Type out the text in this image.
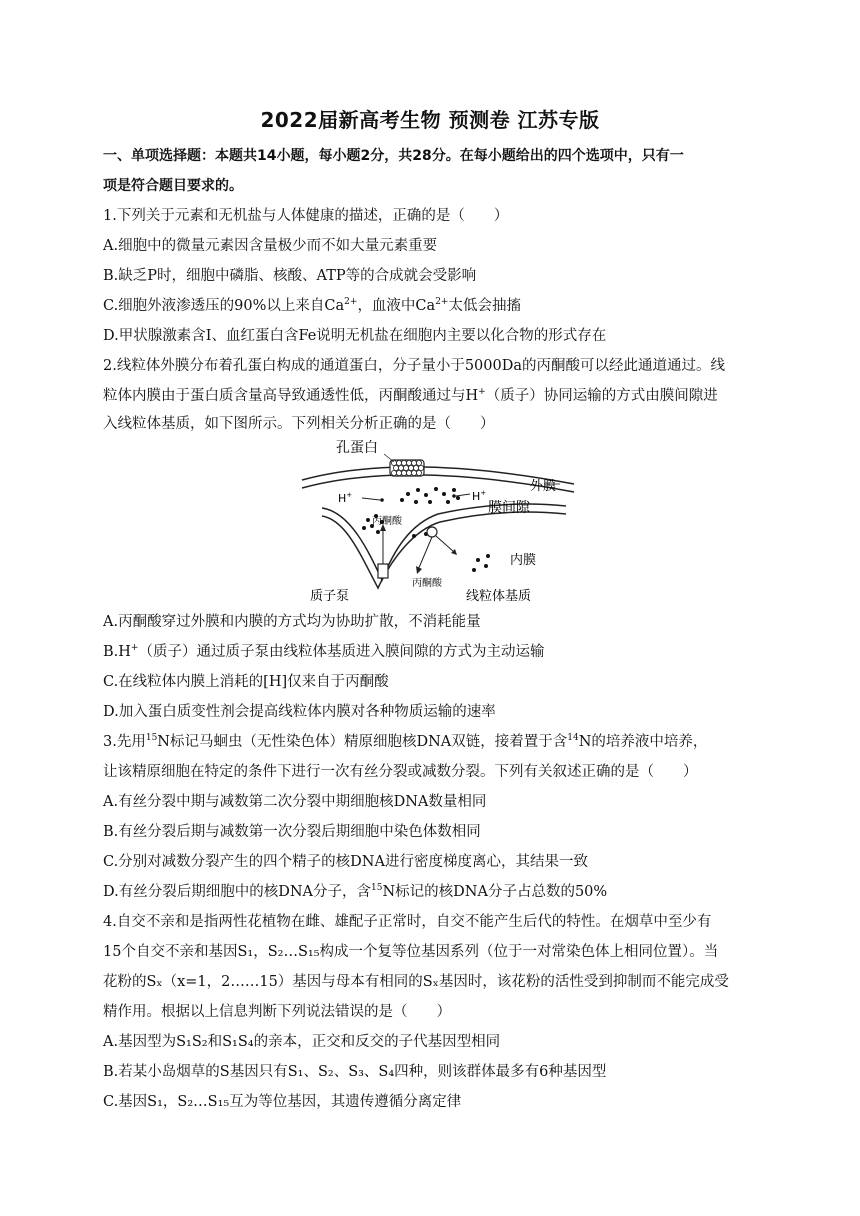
2022届新高考生物 预测卷 江苏专版
一、单项选择题：本题共14小题，每小题2分，共28分。在每小题给出的四个选项中，只有一
项是符合题目要求的。
1.下列关于元素和无机盐与人体健康的描述，正确的是（　　）
A.细胞中的微量元素因含量极少而不如大量元素重要
B.缺乏P时，细胞中磷脂、核酸、ATP等的合成就会受影响
C.细胞外液渗透压的90%以上来自$Ca^{2+}$，血液中$Ca^{2+}$太低会抽搐
D.甲状腺激素含I、血红蛋白含Fe说明无机盐在细胞内主要以化合物的形式存在
2.线粒体外膜分布着孔蛋白构成的通道蛋白，分子量小于5000Da的丙酮酸可以经此通道通过。线
粒体内膜由于蛋白质含量高导致通透性低，丙酮酸通过与H+（质子）协同运输的方式由膜间隙进
入线粒体基质，如下图所示。下列相关分析正确的是（　　）
孔蛋白
外膜
膜间隙
内膜
线粒体基质
质子泵
丙酮酸
丙酮酸
H+	H+
A.丙酮酸穿过外膜和内膜的方式均为协助扩散，不消耗能量
B.H+（质子）通过质子泵由线粒体基质进入膜间隙的方式为主动运输
C.在线粒体内膜上消耗的[H]仅来自于丙酮酸
D.加入蛋白质变性剂会提高线粒体内膜对各种物质运输的速率
3.先用$^{15}$N标记马蛔虫（无性染色体）精原细胞核DNA双链，接着置于含$^{14}$N的培养液中培养，
让该精原细胞在特定的条件下进行一次有丝分裂或减数分裂。下列有关叙述正确的是（　　）
A.有丝分裂中期与减数第二次分裂中期细胞核DNA数量相同
B.有丝分裂后期与减数第一次分裂后期细胞中染色体数相同
C.分别对减数分裂产生的四个精子的核DNA进行密度梯度离心，其结果一致
D.有丝分裂后期细胞中的核DNA分子，含$^{15}$N标记的核DNA分子占总数的50%
4.自交不亲和是指两性花植物在雌、雄配子正常时，自交不能产生后代的特性。在烟草中至少有
15个自交不亲和基因S₁，S₂…S₁₅构成一个复等位基因系列（位于一对常染色体上相同位置）。当
花粉的Sₓ（x=1，2……15）基因与母本有相同的Sₓ基因时，该花粉的活性受到抑制而不能完成受
精作用。根据以上信息判断下列说法错误的是（　　）
A.基因型为S₁S₂和S₁S₄的亲本，正交和反交的子代基因型相同
B.若某小岛烟草的S基因只有S₁、S₂、S₃、S₄四种，则该群体最多有6种基因型
C.基因S₁，S₂…S₁₅互为等位基因，其遗传遵循分离定律
